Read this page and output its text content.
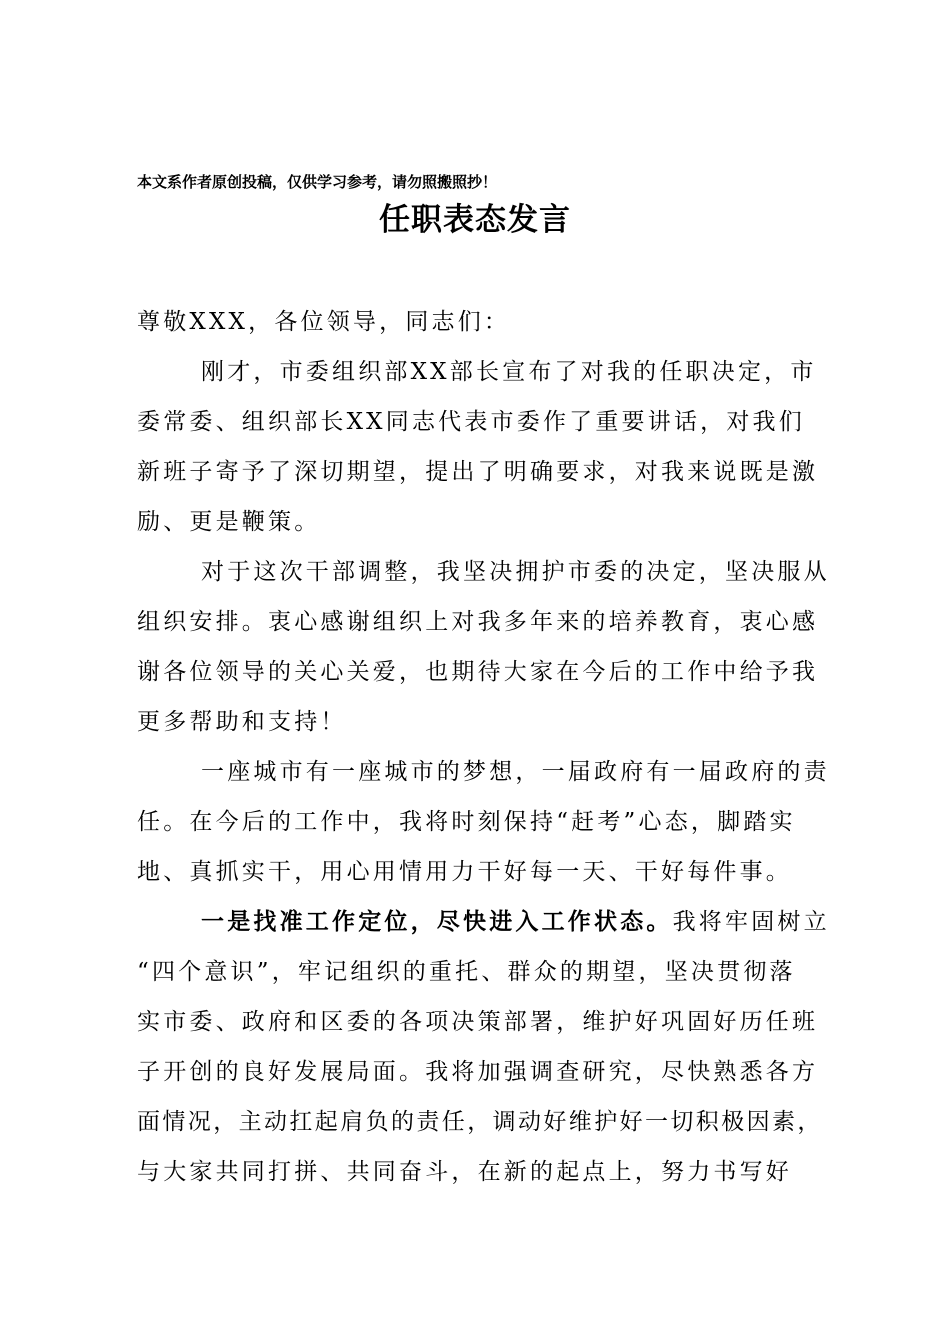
本文系作者原创投稿，仅供学习参考，请勿照搬照抄！
任职表态发言
尊敬XXX，各位领导，同志们：
刚才，市委组织部XX部长宣布了对我的任职决定，市
委常委、组织部长XX同志代表市委作了重要讲话，对我们
新班子寄予了深切期望，提出了明确要求，对我来说既是激
励、更是鞭策。
对于这次干部调整，我坚决拥护市委的决定，坚决服从
组织安排。衷心感谢组织上对我多年来的培养教育，衷心感
谢各位领导的关心关爱，也期待大家在今后的工作中给予我
更多帮助和支持！
一座城市有一座城市的梦想，一届政府有一届政府的责
任。在今后的工作中，我将时刻保持“赶考”心态，脚踏实
地、真抓实干，用心用情用力干好每一天、干好每件事。
一是找准工作定位，尽快进入工作状态。我将牢固树立
“四个意识”，牢记组织的重托、群众的期望，坚决贯彻落
实市委、政府和区委的各项决策部署，维护好巩固好历任班
子开创的良好发展局面。我将加强调查研究，尽快熟悉各方
面情况，主动扛起肩负的责任，调动好维护好一切积极因素，
与大家共同打拼、共同奋斗，在新的起点上，努力书写好
